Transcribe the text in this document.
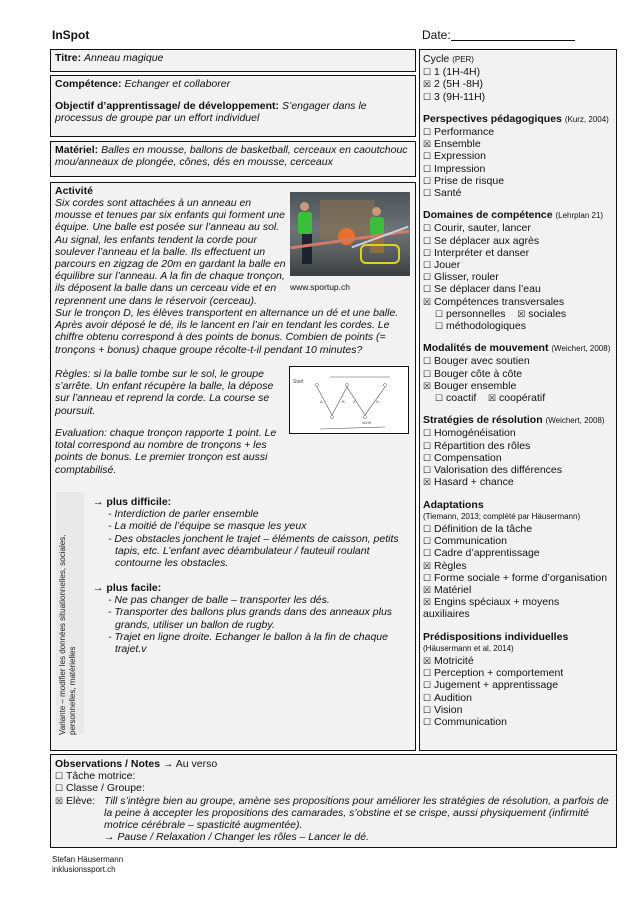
InSpot	Date:
Titre: Anneau magique
Compétence: Echanger et collaborer
Objectif d’apprentissage/ de développement: S’engager dans le processus de groupe par un effort individuel
Matériel: Balles en mousse, ballons de basketball, cerceaux en caoutchouc mou/anneaux de plongée, cônes, dés en mousse, cerceaux
Activité
Six cordes sont attachées à un anneau en mousse et tenues par six enfants qui forment une équipe. Une balle est posée sur l’anneau au sol. Au signal, les enfants tendent la corde pour soulever l’anneau et la balle. Ils effectuent un parcours en zigzag de 20m en gardant la balle en équilibre sur l’anneau. A la fin de chaque tronçon, ils déposent la balle dans un cerceau vide et en reprennent une dans le réservoir (cerceau).
www.sportup.ch
Sur le tronçon D, les élèves transportent en alternance un dé et une balle. Après avoir déposé le dé, ils le lancent en l’air en tendant les cordes. Le chiffre obtenu correspond à des points de bonus. Combien de points (= tronçons + bonus) chaque groupe récolte-t-il pendant 10 minutes?
Règles: si la balle tombe sur le sol, le groupe s’arrête. Un enfant récupère la balle, la dépose sur l’anneau et reprend la corde. La course se poursuit.
Start
A	B C	D
würfel
Evaluation: chaque tronçon rapporte 1 point. Le total correspond au nombre de tronçons + les points de bonus. Le premier tronçon est aussi comptabilisé.
Variante – modifier les données situationnelles, sociales, personnelles, matérielles
→ plus difficile:
- Interdiction de parler ensemble
- La moitié de l’équipe se masque les yeux
- Des obstacles jonchent le trajet – éléments de caisson, petits tapis, etc. L’enfant avec déambulateur / fauteuil roulant contourne les obstacles.
→ plus facile:
- Ne pas changer de balle – transporter les dés.
- Transporter des ballons plus grands dans des anneaux plus grands, utiliser un ballon de rugby.
- Trajet en ligne droite. Echanger le ballon à la fin de chaque trajet.v
Cycle (PER)
☐ 1 (1H-4H)
☒ 2 (5H -8H)
☐ 3 (9H-11H)
Perspectives pédagogiques (Kurz, 2004)
☐ Performance
☒ Ensemble
☐ Expression
☐ Impression
☐ Prise de risque
☐ Santé
Domaines de compétence (Lehrplan 21)
☐ Courir, sauter, lancer
☐ Se déplacer aux agrès
☐ Interpréter et danser
☐ Jouer
☐ Glisser, rouler
☐ Se déplacer dans l’eau
☒ Compétences transversales
☐ personnelles ☒ sociales
☐ méthodologiques
Modalités de mouvement (Weichert, 2008)
☐ Bouger avec soutien
☐ Bouger côte à côte
☒ Bouger ensemble
☐ coactif ☒ coopératif
Stratégies de résolution (Weichert, 2008)
☐ Homogénéisation
☐ Répartition des rôles
☐ Compensation
☐ Valorisation des différences
☒ Hasard + chance
Adaptations
(Tiemann, 2013; complété par Häusermann)
☐ Définition de la tâche
☐ Communication
☐ Cadre d’apprentissage
☒ Règles
☐ Forme sociale + forme d’organisation
☒ Matériel
☒ Engins spéciaux + moyens
auxiliaires
Prédispositions individuelles
(Häusermann et al, 2014)
☒ Motricité
☐ Perception + comportement
☐ Jugement + apprentissage
☐ Audition
☐ Vision
☐ Communication
Observations / Notes → Au verso
☐ Tâche motrice:
☐ Classe / Groupe:
☒ Elève: Till s’intègre bien au groupe, amène ses propositions pour améliorer les stratégies de résolution, a parfois de la peine à accepter les propositions des camarades, s’obstine et se crispe, aussi physiquement (infirmité motrice cérébrale – spasticité augmentée).
→ Pause / Relaxation / Changer les rôles – Lancer le dé.
Stefan Häusermann
inklusionssport.ch
